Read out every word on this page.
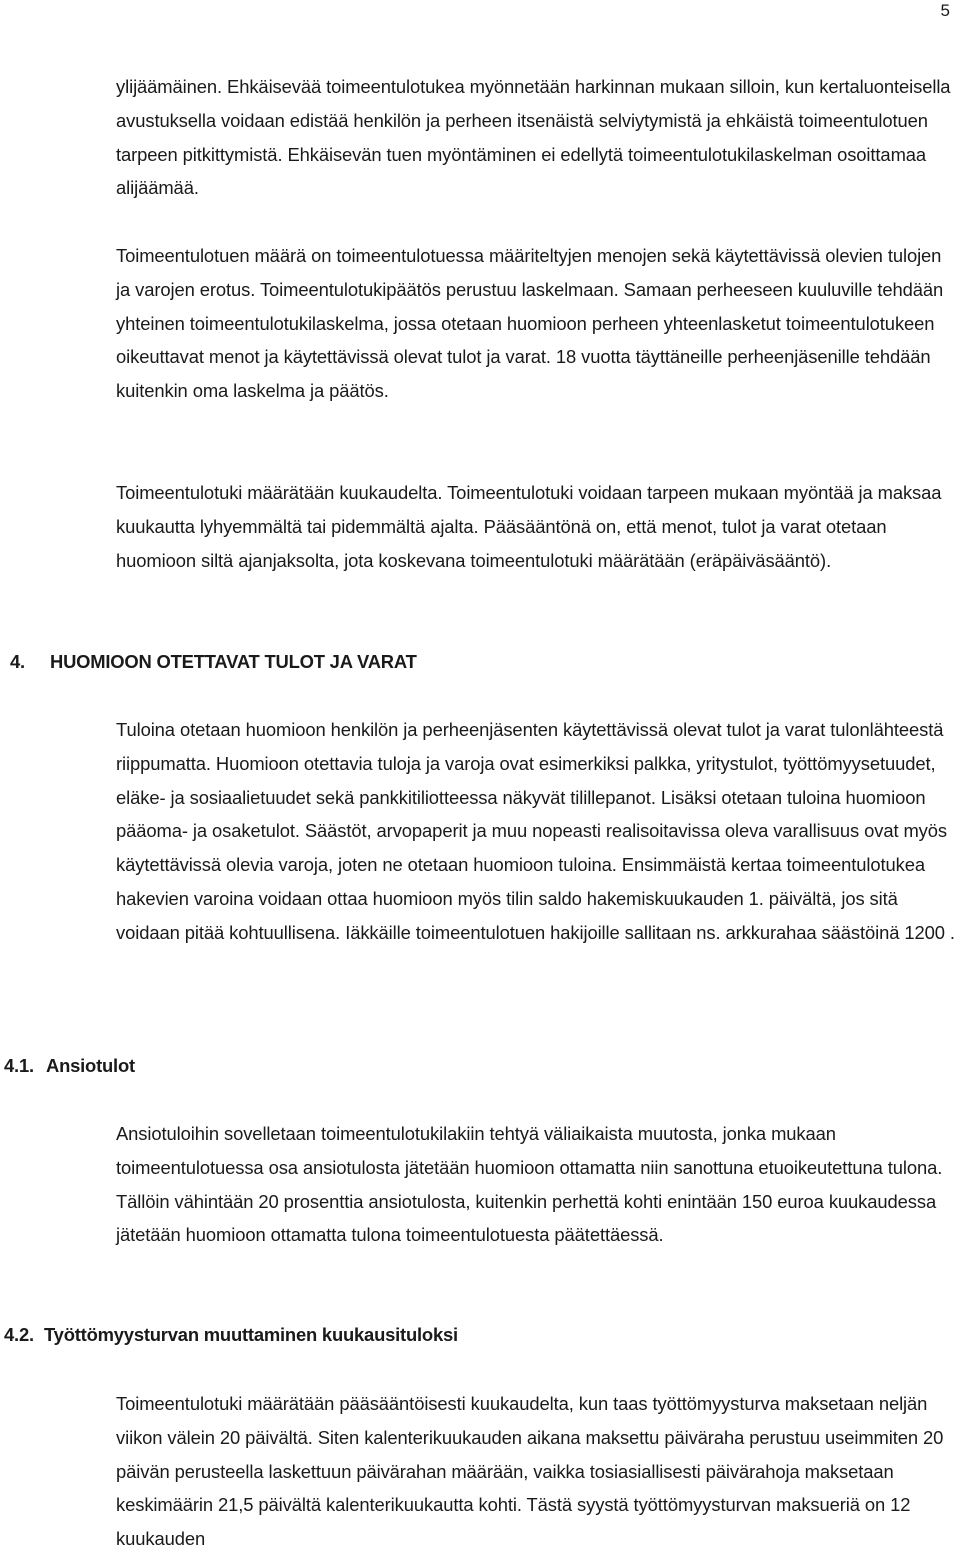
5

ylijäämäinen. Ehkäisevää toimeentulotukea myönnetään harkinnan mukaan silloin, kun kertaluonteisella avustuksella voidaan edistää henkilön ja perheen itsenäistä selviytymistä ja ehkäistä toimeentulotuen tarpeen pitkittymistä. Ehkäisevän tuen myöntäminen ei edellytä toimeentulotukilaskelman osoittamaa alijäämää.

Toimeentulotuen määrä on toimeentulotuessa määriteltyjen menojen sekä käytettävissä olevien tulojen ja varojen erotus. Toimeentulotukipäätös perustuu laskelmaan. Samaan perheeseen kuuluville tehdään yhteinen toimeentulotukilaskelma, jossa otetaan huomioon perheen yhteenlasketut toimeentulotukeen oikeuttavat menot ja käytettävissä olevat tulot ja varat. 18 vuotta täyttäneille perheenjäsenille tehdään kuitenkin oma laskelma ja päätös.

Toimeentulotuki määrätään kuukaudelta. Toimeentulotuki voidaan tarpeen mukaan myöntää ja maksaa kuukautta lyhyemmältä tai pidemmältä ajalta. Pääsääntönä on, että menot, tulot ja varat otetaan huomioon siltä ajanjaksolta, jota koskevana toimeentulotuki määrätään (eräpäiväsääntö).

4. HUOMIOON OTETTAVAT TULOT JA VARAT

Tuloina otetaan huomioon henkilön ja perheenjäsenten käytettävissä olevat tulot ja varat tulonlähteestä riippumatta. Huomioon otettavia tuloja ja varoja ovat esimerkiksi palkka, yritystulot, työttömyysetuudet, eläke- ja sosiaalietuudet sekä pankkitiliotteessa näkyvät tilillepanot. Lisäksi otetaan tuloina huomioon pääoma- ja osaketulot. Säästöt, arvopaperit ja muu nopeasti realisoitavissa oleva varallisuus ovat myös käytettävissä olevia varoja, joten ne otetaan huomioon tuloina. Ensimmäistä kertaa toimeentulotukea hakevien varoina voidaan ottaa huomioon myös tilin saldo hakemiskuukauden 1. päivältä, jos sitä voidaan pitää kohtuullisena. Iäkkäille toimeentulotuen hakijoille sallitaan ns. arkkurahaa säästöinä 1200 .

4.1. Ansiotulot

Ansiotuloihin sovelletaan toimeentulotukilakiin tehtyä väliaikaista muutosta, jonka mukaan toimeentulotuessa osa ansiotulosta jätetään huomioon ottamatta niin sanottuna etuoikeutettuna tulona. Tällöin vähintään 20 prosenttia ansiotulosta, kuitenkin perhettä kohti enintään 150 euroa kuukaudessa jätetään huomioon ottamatta tulona toimeentulotuesta päätettäessä.

4.2. Työttömyysturvan muuttaminen kuukausituloksi

Toimeentulotuki määrätään pääsääntöisesti kuukaudelta, kun taas työttömyysturva maksetaan neljän viikon välein 20 päivältä. Siten kalenterikuukauden aikana maksettu päiväraha perustuu useimmiten 20 päivän perusteella laskettuun päivärahan määrään, vaikka tosiasiallisesti päivärahoja maksetaan keskimäärin 21,5 päivältä kalenterikuukautta kohti. Tästä syystä työttömyysturvan maksueriä on 12 kuukauden
